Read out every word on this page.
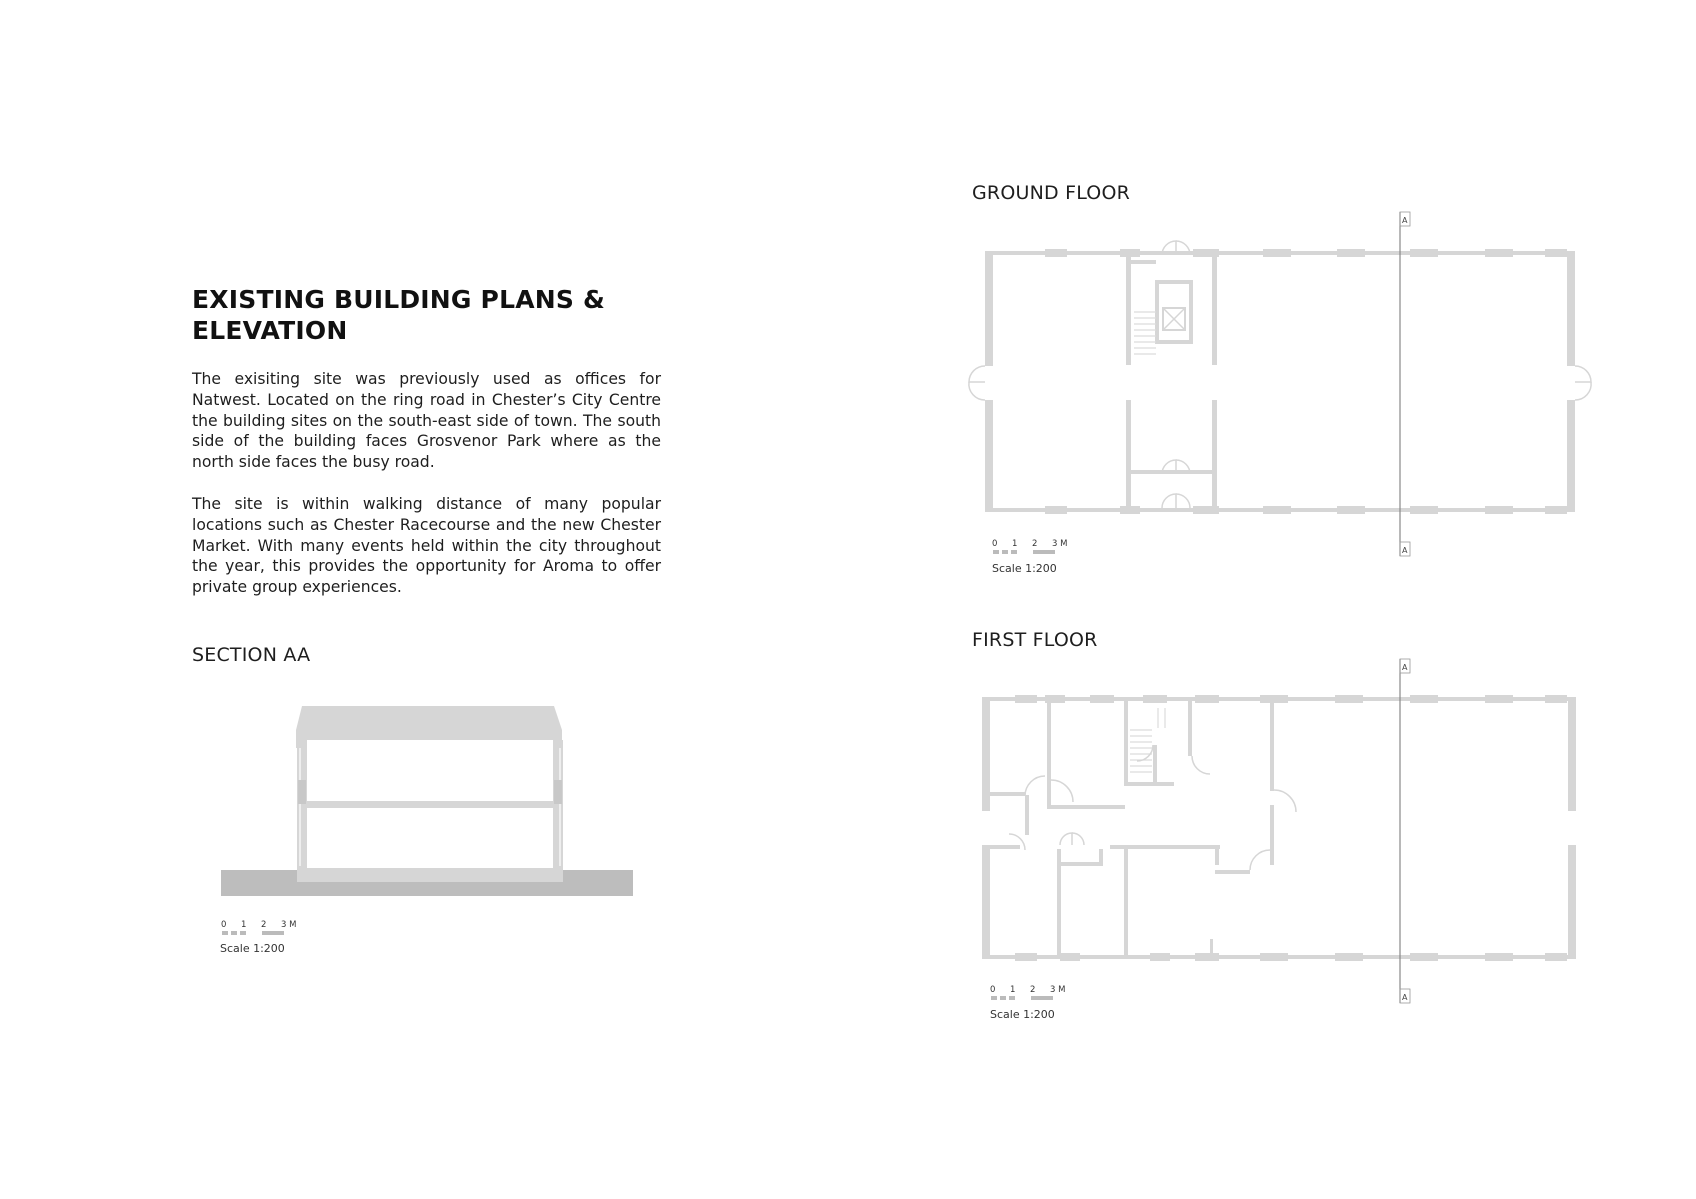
EXISTING BUILDING PLANS & ELEVATION

The exisiting site was previously used as offices for Natwest. Located on the ring road in Chester’s City Centre the building sites on the south-east side of town. The south side of the building faces Grosvenor Park where as the north side faces the busy road.

The site is within walking distance of many popular locations such as Chester Racecourse and the new Chester Market. With many events held within the city throughout the year, this provides the opportunity for Aroma to offer private group experiences.

SECTION AA
GROUND FLOOR
FIRST FLOOR
0 1 2 3 M
Scale 1:200
A
A
0 1 2 3 M
Scale 1:200
A
A
0 1 2 3 M
Scale 1:200
